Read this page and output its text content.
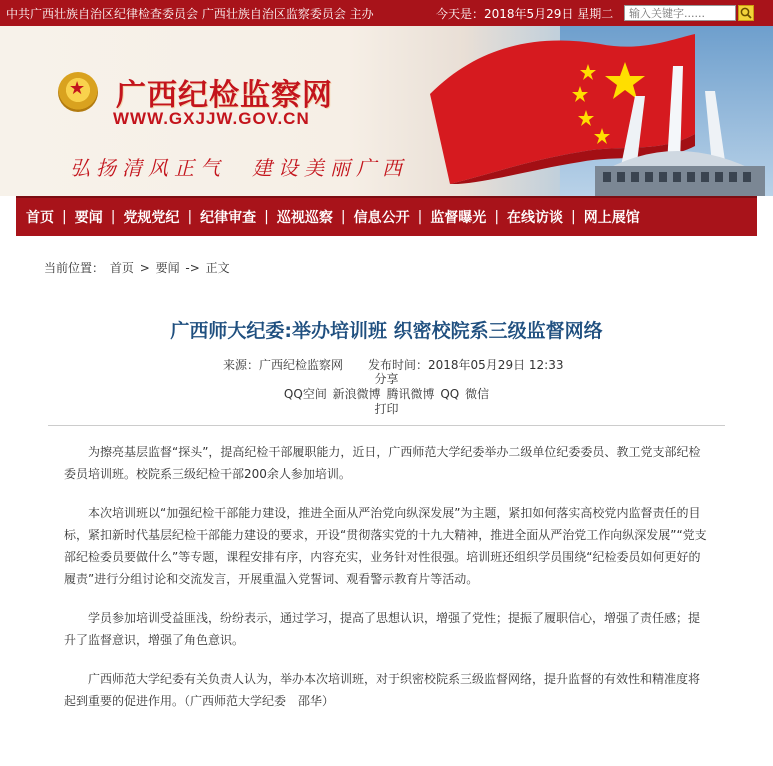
中共广西壮族自治区纪律检查委员会 广西壮族自治区监察委员会 主办	今天是：2018年5月29日 星期二
输入关键字......
★ 广西纪检监察网
WWW.GXJJW.GOV.CN
弘扬清风正气 建设美丽广西
首页 | 要闻 | 党规党纪 | 纪律审查 | 巡视巡察 | 信息公开 | 监督曝光 | 在线访谈 | 网上展馆
当前位置： 首页 > 要闻 -> 正文
广西师大纪委:举办培训班 织密校院系三级监督网络
来源：广西纪检监察网 发布时间：2018年05月29日 12:33
分享
QQ空间 新浪微博 腾讯微博 QQ 微信
打印

为擦亮基层监督“探头”，提高纪检干部履职能力，近日，广西师范大学纪委举办二级单位纪委委员、教工党支部纪检委员培训班。校院系三级纪检干部200余人参加培训。

本次培训班以“加强纪检干部能力建设，推进全面从严治党向纵深发展”为主题，紧扣如何落实高校党内监督责任的目标，紧扣新时代基层纪检干部能力建设的要求，开设“贯彻落实党的十九大精神，推进全面从严治党工作向纵深发展”“党支部纪检委员要做什么”等专题，课程安排有序，内容充实，业务针对性很强。培训班还组织学员围绕“纪检委员如何更好的履责”进行分组讨论和交流发言，开展重温入党誓词、观看警示教育片等活动。

学员参加培训受益匪浅，纷纷表示，通过学习，提高了思想认识，增强了党性；提振了履职信心，增强了责任感；提升了监督意识，增强了角色意识。

广西师范大学纪委有关负责人认为，举办本次培训班，对于织密校院系三级监督网络，提升监督的有效性和精准度将起到重要的促进作用。（广西师范大学纪委　邵华）
